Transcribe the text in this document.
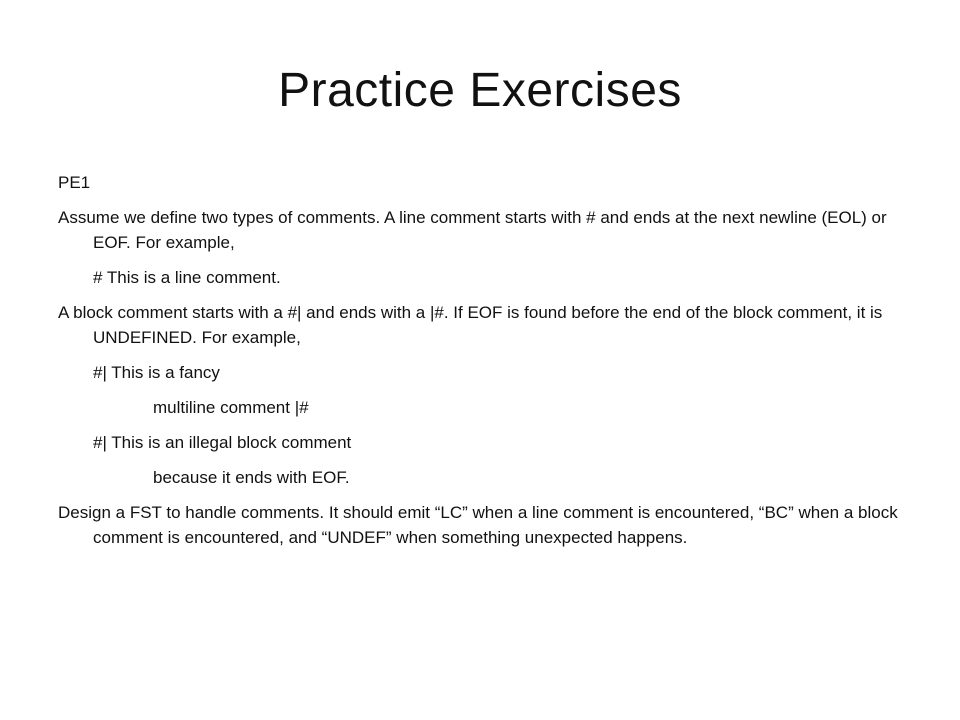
Practice Exercises

PE1

Assume we define two types of comments. A line comment starts with # and ends at the next newline (EOL) or EOF. For example,

# This is a line comment.

A block comment starts with a #| and ends with a |#. If EOF is found before the end of the block comment, it is UNDEFINED. For example,

#| This is a fancy

multiline comment |#

#| This is an illegal block comment

because it ends with EOF.

Design a FST to handle comments. It should emit “LC” when a line comment is encountered, “BC” when a block comment is encountered, and “UNDEF” when something unexpected happens.
